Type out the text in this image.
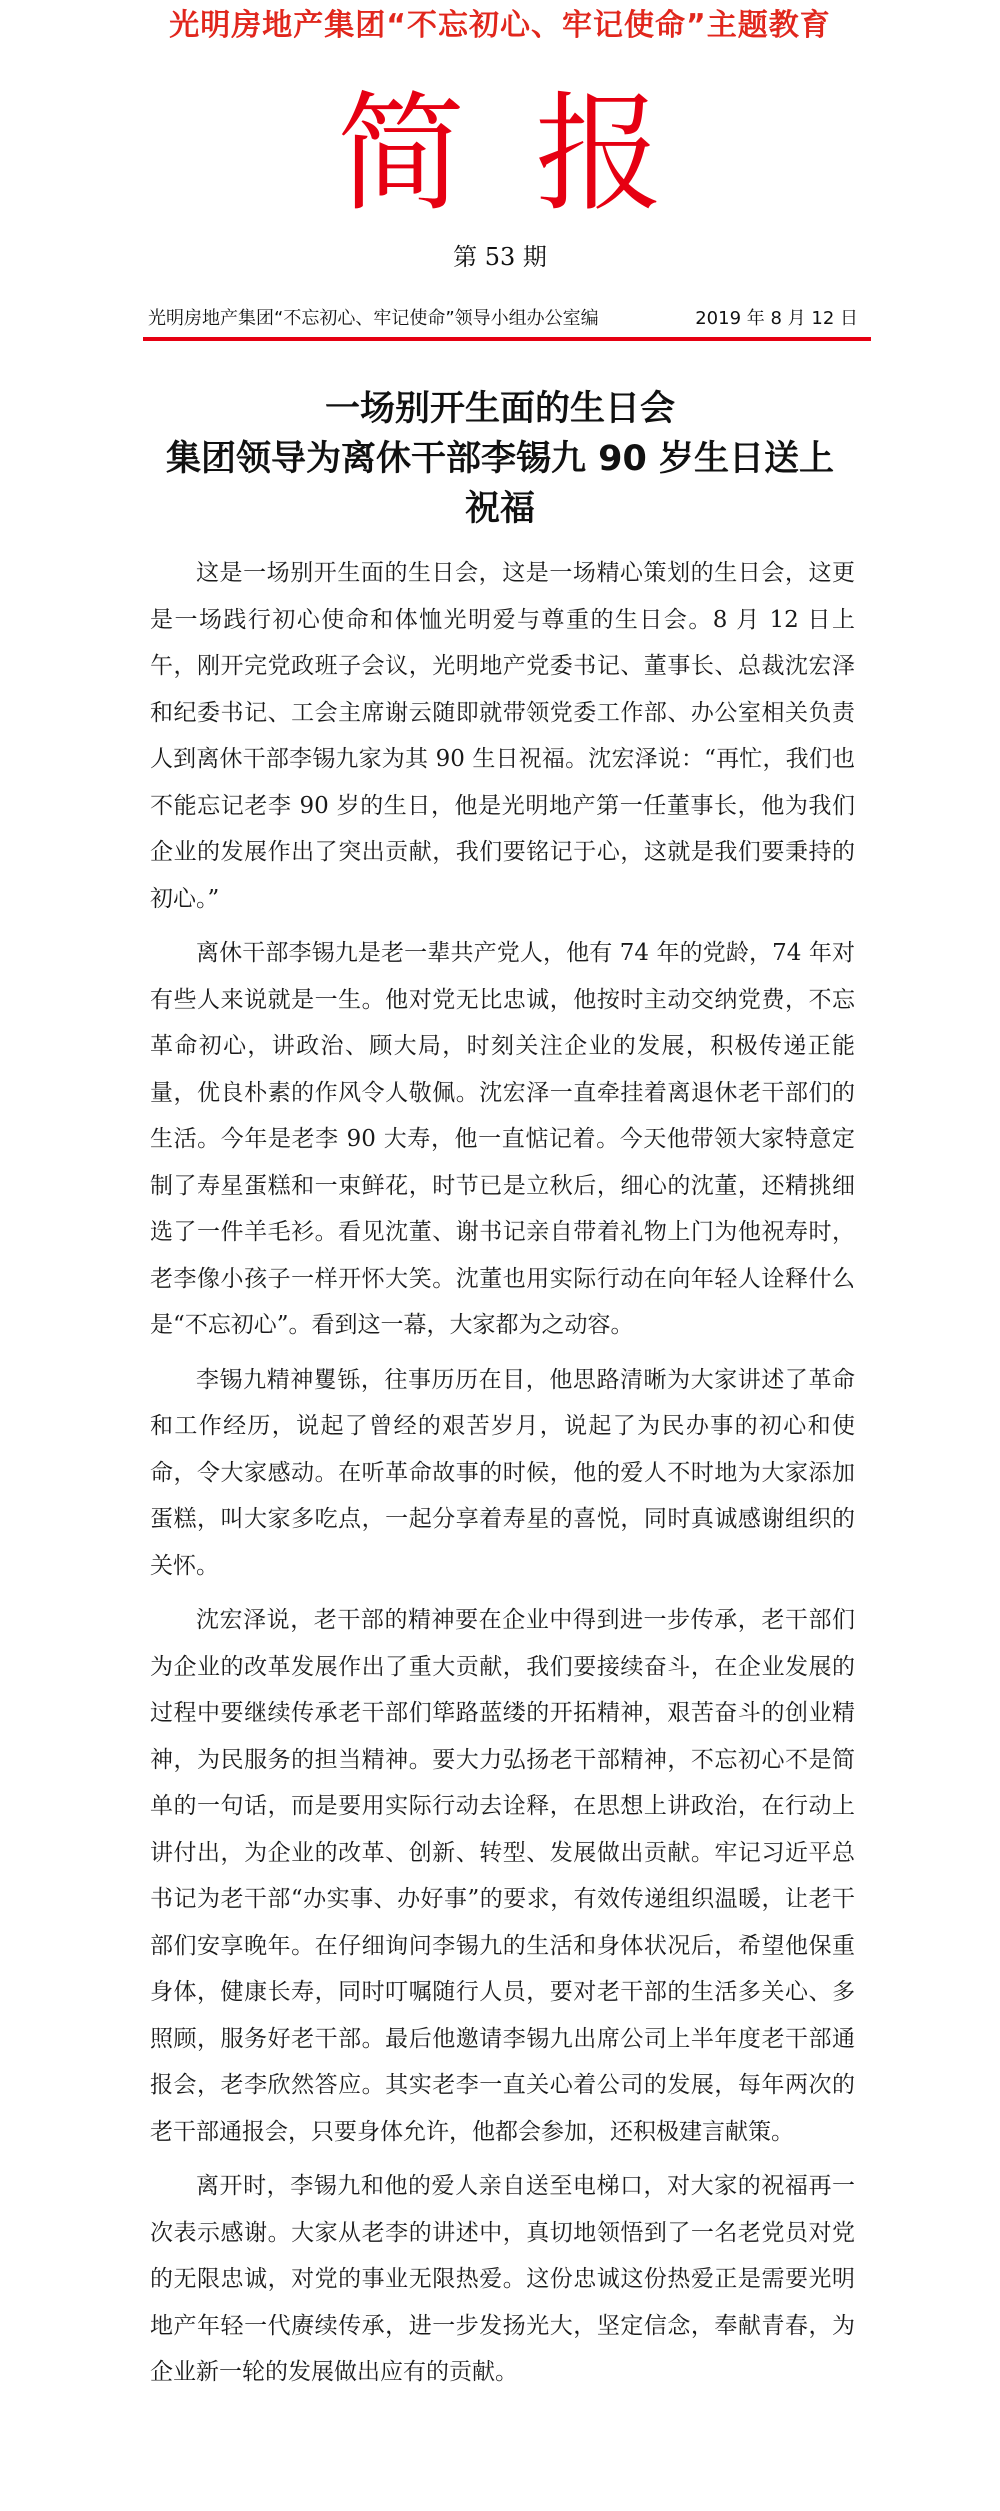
光明房地产集团“不忘初心、牢记使命”主题教育
简报
第 53 期
光明房地产集团“不忘初心、牢记使命”领导小组办公室编	2019 年 8 月 12 日
一场别开生面的生日会
集团领导为离休干部李锡九 90 岁生日送上祝福

这是一场别开生面的生日会，这是一场精心策划的生日会，这更是一场践行初心使命和体恤光明爱与尊重的生日会。8 月 12 日上午，刚开完党政班子会议，光明地产党委书记、董事长、总裁沈宏泽和纪委书记、工会主席谢云随即就带领党委工作部、办公室相关负责人到离休干部李锡九家为其 90 生日祝福。沈宏泽说：“再忙，我们也不能忘记老李 90 岁的生日，他是光明地产第一任董事长，他为我们企业的发展作出了突出贡献，我们要铭记于心，这就是我们要秉持的初心。”

离休干部李锡九是老一辈共产党人，他有 74 年的党龄，74 年对有些人来说就是一生。他对党无比忠诚，他按时主动交纳党费，不忘革命初心，讲政治、顾大局，时刻关注企业的发展，积极传递正能量，优良朴素的作风令人敬佩。沈宏泽一直牵挂着离退休老干部们的生活。今年是老李 90 大寿，他一直惦记着。今天他带领大家特意定制了寿星蛋糕和一束鲜花，时节已是立秋后，细心的沈董，还精挑细选了一件羊毛衫。看见沈董、谢书记亲自带着礼物上门为他祝寿时，老李像小孩子一样开怀大笑。沈董也用实际行动在向年轻人诠释什么是“不忘初心”。看到这一幕，大家都为之动容。

李锡九精神矍铄，往事历历在目，他思路清晰为大家讲述了革命和工作经历，说起了曾经的艰苦岁月，说起了为民办事的初心和使命，令大家感动。在听革命故事的时候，他的爱人不时地为大家添加蛋糕，叫大家多吃点，一起分享着寿星的喜悦，同时真诚感谢组织的关怀。

沈宏泽说，老干部的精神要在企业中得到进一步传承，老干部们为企业的改革发展作出了重大贡献，我们要接续奋斗，在企业发展的过程中要继续传承老干部们筚路蓝缕的开拓精神，艰苦奋斗的创业精神，为民服务的担当精神。要大力弘扬老干部精神，不忘初心不是简单的一句话，而是要用实际行动去诠释，在思想上讲政治，在行动上讲付出，为企业的改革、创新、转型、发展做出贡献。牢记习近平总书记为老干部“办实事、办好事”的要求，有效传递组织温暖，让老干部们安享晚年。在仔细询问李锡九的生活和身体状况后，希望他保重身体，健康长寿，同时叮嘱随行人员，要对老干部的生活多关心、多照顾，服务好老干部。最后他邀请李锡九出席公司上半年度老干部通报会，老李欣然答应。其实老李一直关心着公司的发展，每年两次的老干部通报会，只要身体允许，他都会参加，还积极建言献策。

离开时，李锡九和他的爱人亲自送至电梯口，对大家的祝福再一次表示感谢。大家从老李的讲述中，真切地领悟到了一名老党员对党的无限忠诚，对党的事业无限热爱。这份忠诚这份热爱正是需要光明地产年轻一代赓续传承，进一步发扬光大，坚定信念，奉献青春，为企业新一轮的发展做出应有的贡献。
